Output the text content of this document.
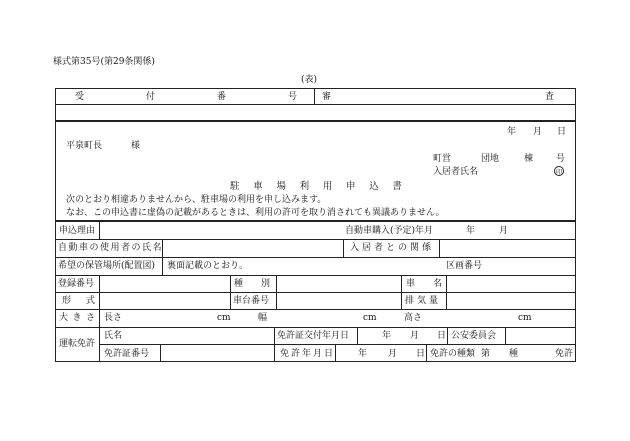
様式第35号(第29条関係)
(表)
受	付	番	号	審	査
年 月 日
平泉町長	様
町営	団地	棟	号
入居者氏名	印
駐 車 場 利 用 申 込 書
次のとおり相違ありませんから、駐車場の利用を申し込みます。
なお、この申込書に虚偽の記載があるときは、利用の許可を取り消されても異議ありません。
申込理由	自動車購入(予定)年月	年	月
自動車の使用者の氏名	入居者との関係
希望の保管場所(配置図) 裏面記載のとおり。	区画番号
登録番号	種 別	車 名
形 式	車台番号	排気量
大 き さ 長さ	cm	幅	cm	高さ	cm
運 転 免 許
氏名	免許証交付年月日	年 月 日 公安委員会
免許証番号	免許年月日	年 月 日 免許の種類 第 種	免許
